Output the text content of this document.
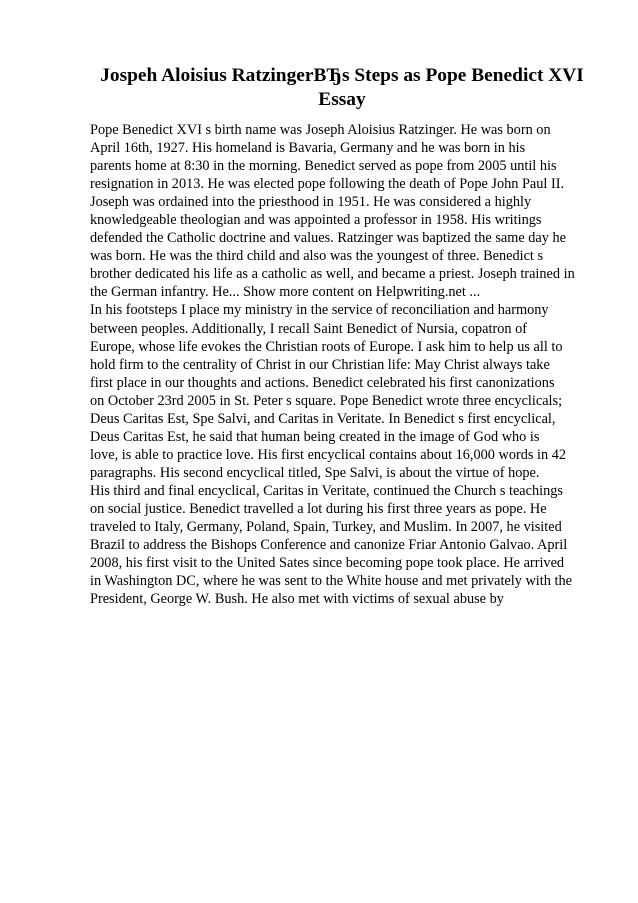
Jospeh Aloisius RatzingerBЂs Steps as Pope Benedict XVI
Essay
Pope Benedict XVI s birth name was Joseph Aloisius Ratzinger. He was born on
April 16th, 1927. His homeland is Bavaria, Germany and he was born in his
parents home at 8:30 in the morning. Benedict served as pope from 2005 until his
resignation in 2013. He was elected pope following the death of Pope John Paul II.
Joseph was ordained into the priesthood in 1951. He was considered a highly
knowledgeable theologian and was appointed a professor in 1958. His writings
defended the Catholic doctrine and values. Ratzinger was baptized the same day he
was born. He was the third child and also was the youngest of three. Benedict s
brother dedicated his life as a catholic as well, and became a priest. Joseph trained in
the German infantry. He... Show more content on Helpwriting.net ...
In his footsteps I place my ministry in the service of reconciliation and harmony
between peoples. Additionally, I recall Saint Benedict of Nursia, copatron of
Europe, whose life evokes the Christian roots of Europe. I ask him to help us all to
hold firm to the centrality of Christ in our Christian life: May Christ always take
first place in our thoughts and actions. Benedict celebrated his first canonizations
on October 23rd 2005 in St. Peter s square. Pope Benedict wrote three encyclicals;
Deus Caritas Est, Spe Salvi, and Caritas in Veritate. In Benedict s first encyclical,
Deus Caritas Est, he said that human being created in the image of God who is
love, is able to practice love. His first encyclical contains about 16,000 words in 42
paragraphs. His second encyclical titled, Spe Salvi, is about the virtue of hope.
His third and final encyclical, Caritas in Veritate, continued the Church s teachings
on social justice. Benedict travelled a lot during his first three years as pope. He
traveled to Italy, Germany, Poland, Spain, Turkey, and Muslim. In 2007, he visited
Brazil to address the Bishops Conference and canonize Friar Antonio Galvao. April
2008, his first visit to the United Sates since becoming pope took place. He arrived
in Washington DC, where he was sent to the White house and met privately with the
President, George W. Bush. He also met with victims of sexual abuse by
